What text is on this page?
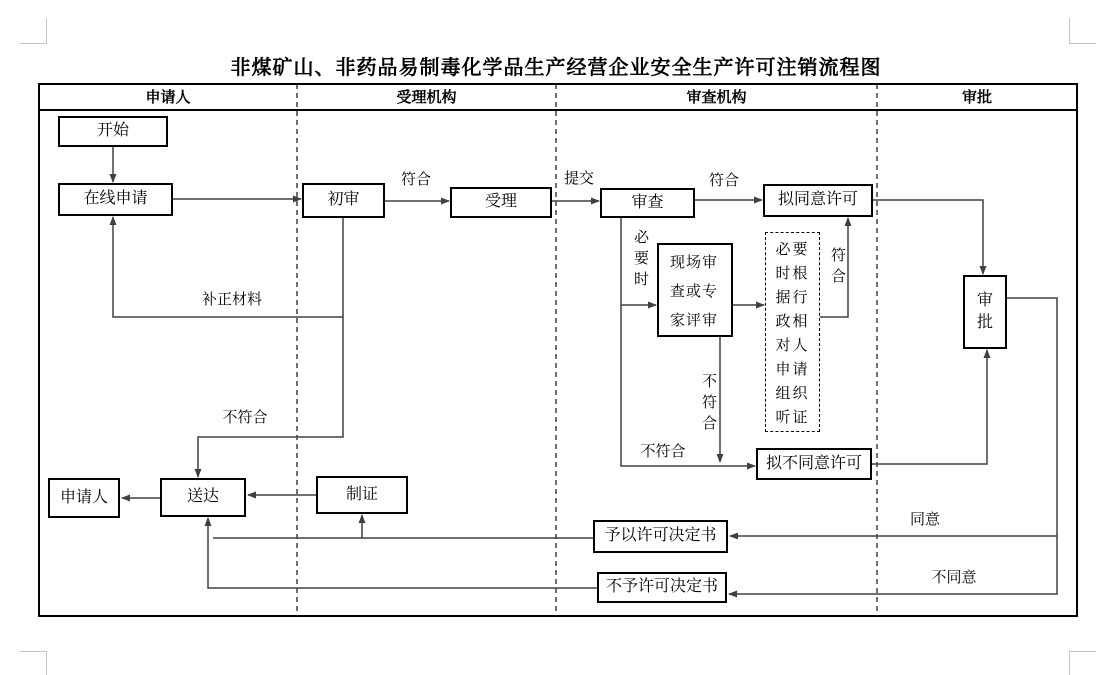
非煤矿山、非药品易制毒化学品生产经营企业安全生产许可注销流程图
申请人	受理机构	审查机构	审批
开始
在线申请	初审	受理	审查	拟同意许可
现场审查或专家评审
必要时根据行政相对人申请组织听证
审批
拟不同意许可
申请人	送达	制证
予以许可决定书
不予许可决定书
符合	提交	符合
必要时
补正材料
不符合
不符合
不符合
符合
同意
不同意
